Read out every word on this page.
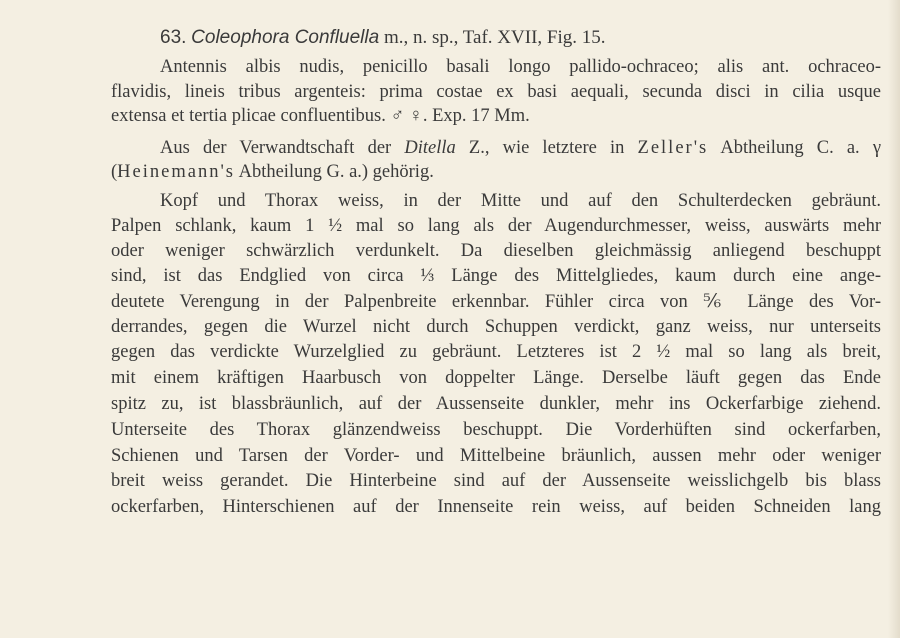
63. Coleophora Confluella m., n. sp., Taf. XVII, Fig. 15.
Antennis albis nudis, penicillo basali longo pallido-ochraceo; alis ant. ochraceo-
flavidis, lineis tribus argenteis: prima costae ex basi aequali, secunda disci in cilia usque
extensa et tertia plicae confluentibus. ♂ ♀. Exp. 17 Mm.
Aus der Verwandtschaft der Ditella Z., wie letztere in Zeller's Abtheilung C. a. γ
(Heinemann's Abtheilung G. a.) gehörig.
Kopf und Thorax weiss, in der Mitte und auf den Schulterdecken gebräunt.
Palpen schlank, kaum 1 ½ mal so lang als der Augendurchmesser, weiss, auswärts mehr
oder weniger schwärzlich verdunkelt. Da dieselben gleichmässig anliegend beschuppt
sind, ist das Endglied von circa ⅓ Länge des Mittelgliedes, kaum durch eine ange-
deutete Verengung in der Palpenbreite erkennbar. Fühler circa von ⅚ Länge des Vor-
derrandes, gegen die Wurzel nicht durch Schuppen verdickt, ganz weiss, nur unterseits
gegen das verdickte Wurzelglied zu gebräunt. Letzteres ist 2 ½ mal so lang als breit,
mit einem kräftigen Haarbusch von doppelter Länge. Derselbe läuft gegen das Ende
spitz zu, ist blassbräunlich, auf der Aussenseite dunkler, mehr ins Ockerfarbige ziehend.
Unterseite des Thorax glänzendweiss beschuppt. Die Vorderhüften sind ockerfarben,
Schienen und Tarsen der Vorder- und Mittelbeine bräunlich, aussen mehr oder weniger
breit weiss gerandet. Die Hinterbeine sind auf der Aussenseite weisslichgelb bis blass
ockerfarben, Hinterschienen auf der Innenseite rein weiss, auf beiden Schneiden lang
